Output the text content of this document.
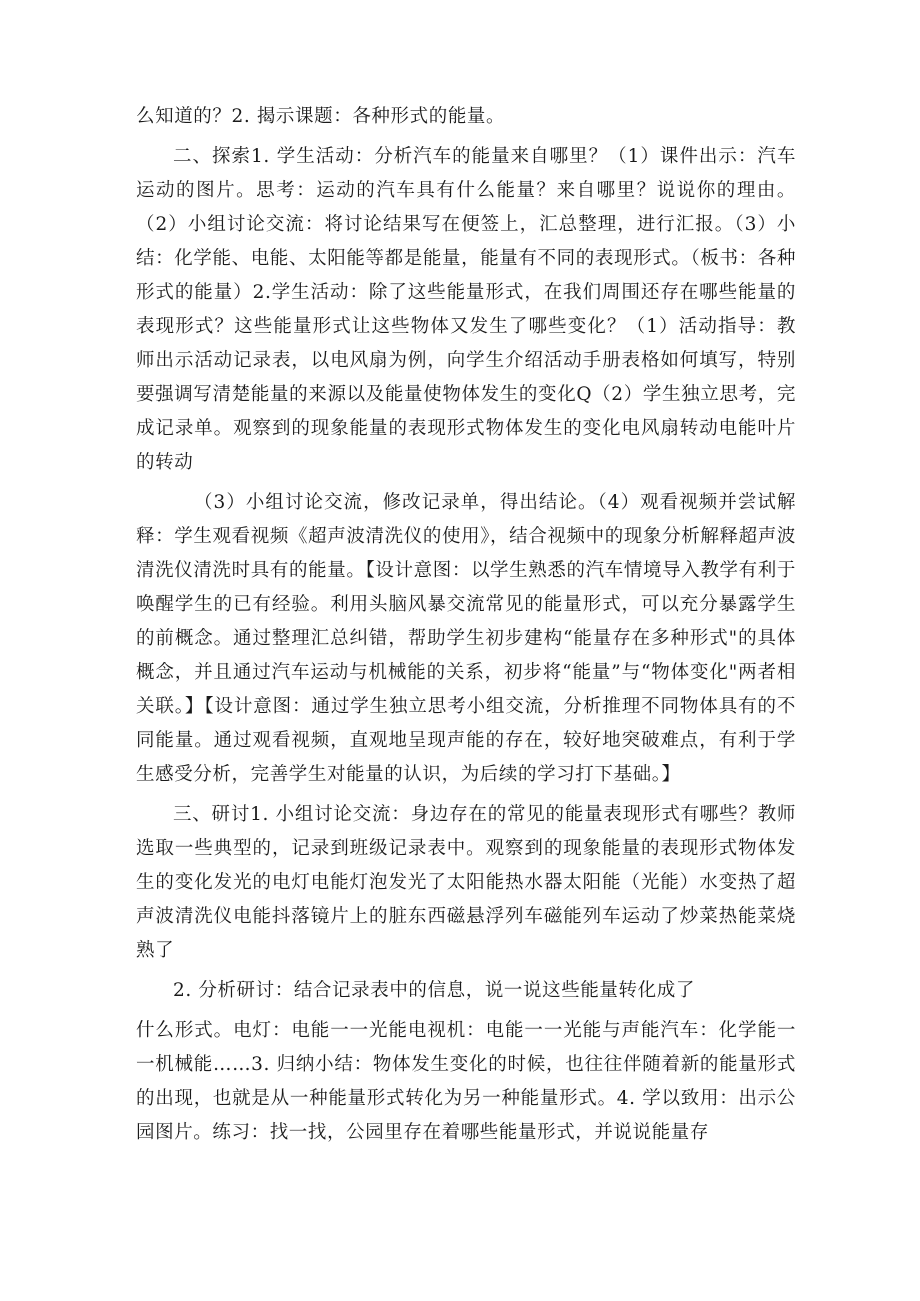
么知道的？2. 揭示课题：各种形式的能量。

二、探索1. 学生活动：分析汽车的能量来自哪里？（1）课件出示：汽车运动的图片。思考：运动的汽车具有什么能量？来自哪里？说说你的理由。（2）小组讨论交流：将讨论结果写在便签上，汇总整理，进行汇报。（3）小结：化学能、电能、太阳能等都是能量，能量有不同的表现形式。（板书：各种形式的能量）2.学生活动：除了这些能量形式，在我们周围还存在哪些能量的表现形式？这些能量形式让这些物体又发生了哪些变化？（1）活动指导：教师出示活动记录表，以电风扇为例，向学生介绍活动手册表格如何填写，特别要强调写清楚能量的来源以及能量使物体发生的变化Q（2）学生独立思考，完成记录单。观察到的现象能量的表现形式物体发生的变化电风扇转动电能叶片的转动

（3）小组讨论交流，修改记录单，得出结论。（4）观看视频并尝试解释：学生观看视频《超声波清洗仪的使用》，结合视频中的现象分析解释超声波清洗仪清洗时具有的能量。【设计意图：以学生熟悉的汽车情境导入教学有利于唤醒学生的已有经验。利用头脑风暴交流常见的能量形式，可以充分暴露学生的前概念。通过整理汇总纠错，帮助学生初步建构“能量存在多种形式"的具体概念，并且通过汽车运动与机械能的关系，初步将“能量”与“物体变化"两者相关联。】【设计意图：通过学生独立思考小组交流，分析推理不同物体具有的不同能量。通过观看视频，直观地呈现声能的存在，较好地突破难点，有利于学生感受分析，完善学生对能量的认识，为后续的学习打下基础。】

三、研讨1. 小组讨论交流：身边存在的常见的能量表现形式有哪些？教师选取一些典型的，记录到班级记录表中。观察到的现象能量的表现形式物体发生的变化发光的电灯电能灯泡发光了太阳能热水器太阳能（光能）水变热了超声波清洗仪电能抖落镜片上的脏东西磁悬浮列车磁能列车运动了炒菜热能菜烧熟了

2. 分析研讨：结合记录表中的信息，说一说这些能量转化成了

什么形式。电灯：电能一一光能电视机：电能一一光能与声能汽车：化学能一一机械能……3. 归纳小结：物体发生变化的时候，也往往伴随着新的能量形式的出现，也就是从一种能量形式转化为另一种能量形式。4. 学以致用：出示公园图片。练习：找一找，公园里存在着哪些能量形式，并说说能量存
